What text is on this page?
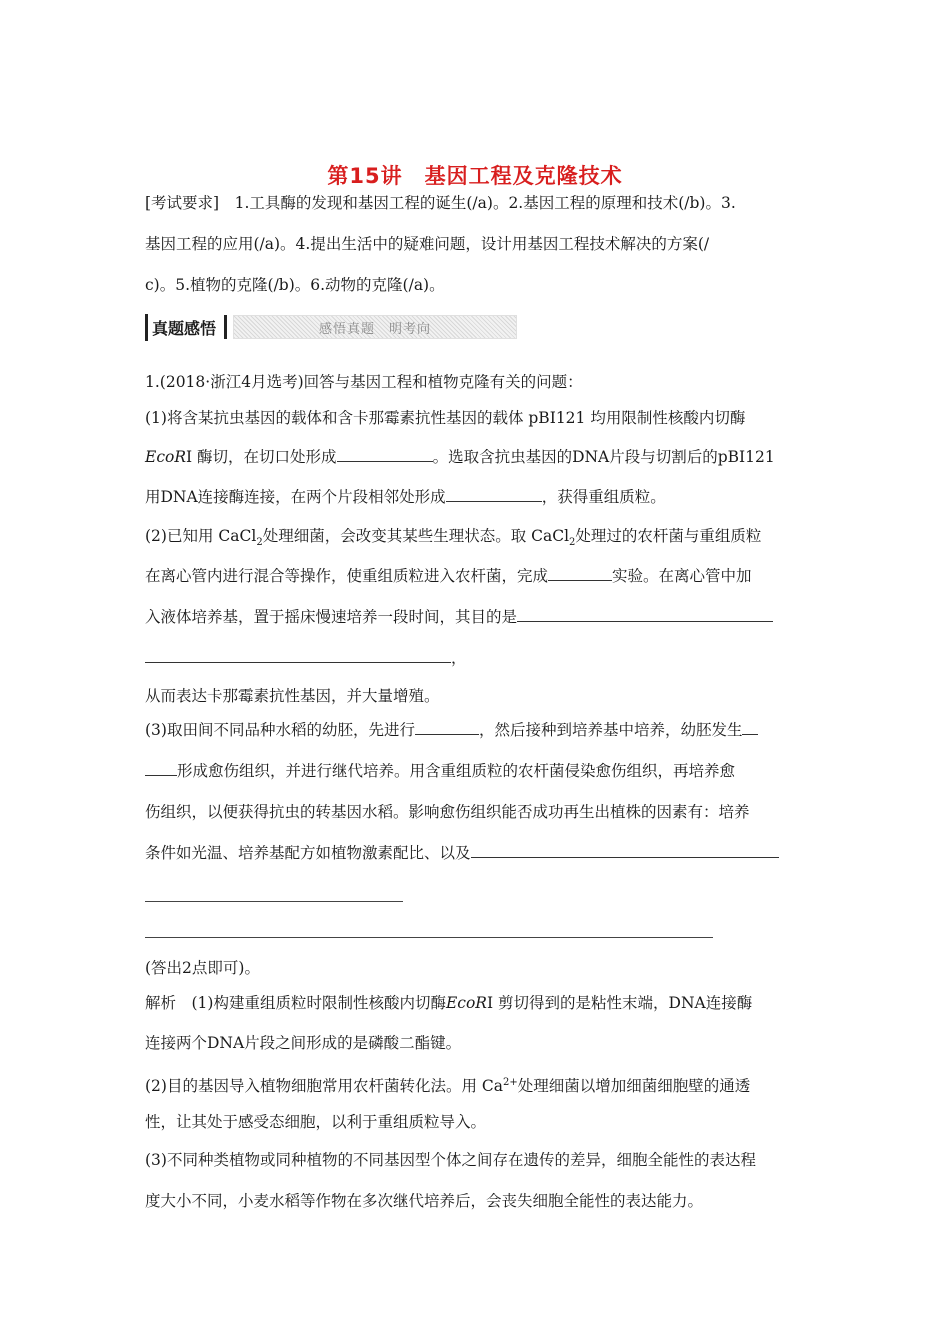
第15讲　基因工程及克隆技术
[考试要求]　1.工具酶的发现和基因工程的诞生(/a)。2.基因工程的原理和技术(/b)。3.
基因工程的应用(/a)。4.提出生活中的疑难问题，设计用基因工程技术解决的方案(/
c)。5.植物的克隆(/b)。6.动物的克隆(/a)。
真题感悟	感悟真题　明考向
1.(2018·浙江4月选考)回答与基因工程和植物克隆有关的问题：
(1)将含某抗虫基因的载体和含卡那霉素抗性基因的载体 pBI121 均用限制性核酸内切酶
EcoRⅠ 酶切，在切口处形成	。选取含抗虫基因的DNA片段与切割后的pBI121
用DNA连接酶连接，在两个片段相邻处形成	，获得重组质粒。
(2)已知用 CaCl$_2$处理细菌，会改变其某些生理状态。取 CaCl$_2$处理过的农杆菌与重组质粒
在离心管内进行混合等操作，使重组质粒进入农杆菌，完成	实验。在离心管中加
入液体培养基，置于摇床慢速培养一段时间，其目的是
，
从而表达卡那霉素抗性基因，并大量增殖。
(3)取田间不同品种水稻的幼胚，先进行	，然后接种到培养基中培养，幼胚发生
形成愈伤组织，并进行继代培养。用含重组质粒的农杆菌侵染愈伤组织，再培养愈
伤组织，以便获得抗虫的转基因水稻。影响愈伤组织能否成功再生出植株的因素有：培养
条件如光温、培养基配方如植物激素配比、以及
(答出2点即可)。
解析　(1)构建重组质粒时限制性核酸内切酶EcoRⅠ 剪切得到的是粘性末端，DNA连接酶
连接两个DNA片段之间形成的是磷酸二酯键。
(2)目的基因导入植物细胞常用农杆菌转化法。用 $Ca^{2+}$处理细菌以增加细菌细胞壁的通透
性，让其处于感受态细胞，以利于重组质粒导入。
(3)不同种类植物或同种植物的不同基因型个体之间存在遗传的差异，细胞全能性的表达程
度大小不同，小麦水稻等作物在多次继代培养后，会丧失细胞全能性的表达能力。
